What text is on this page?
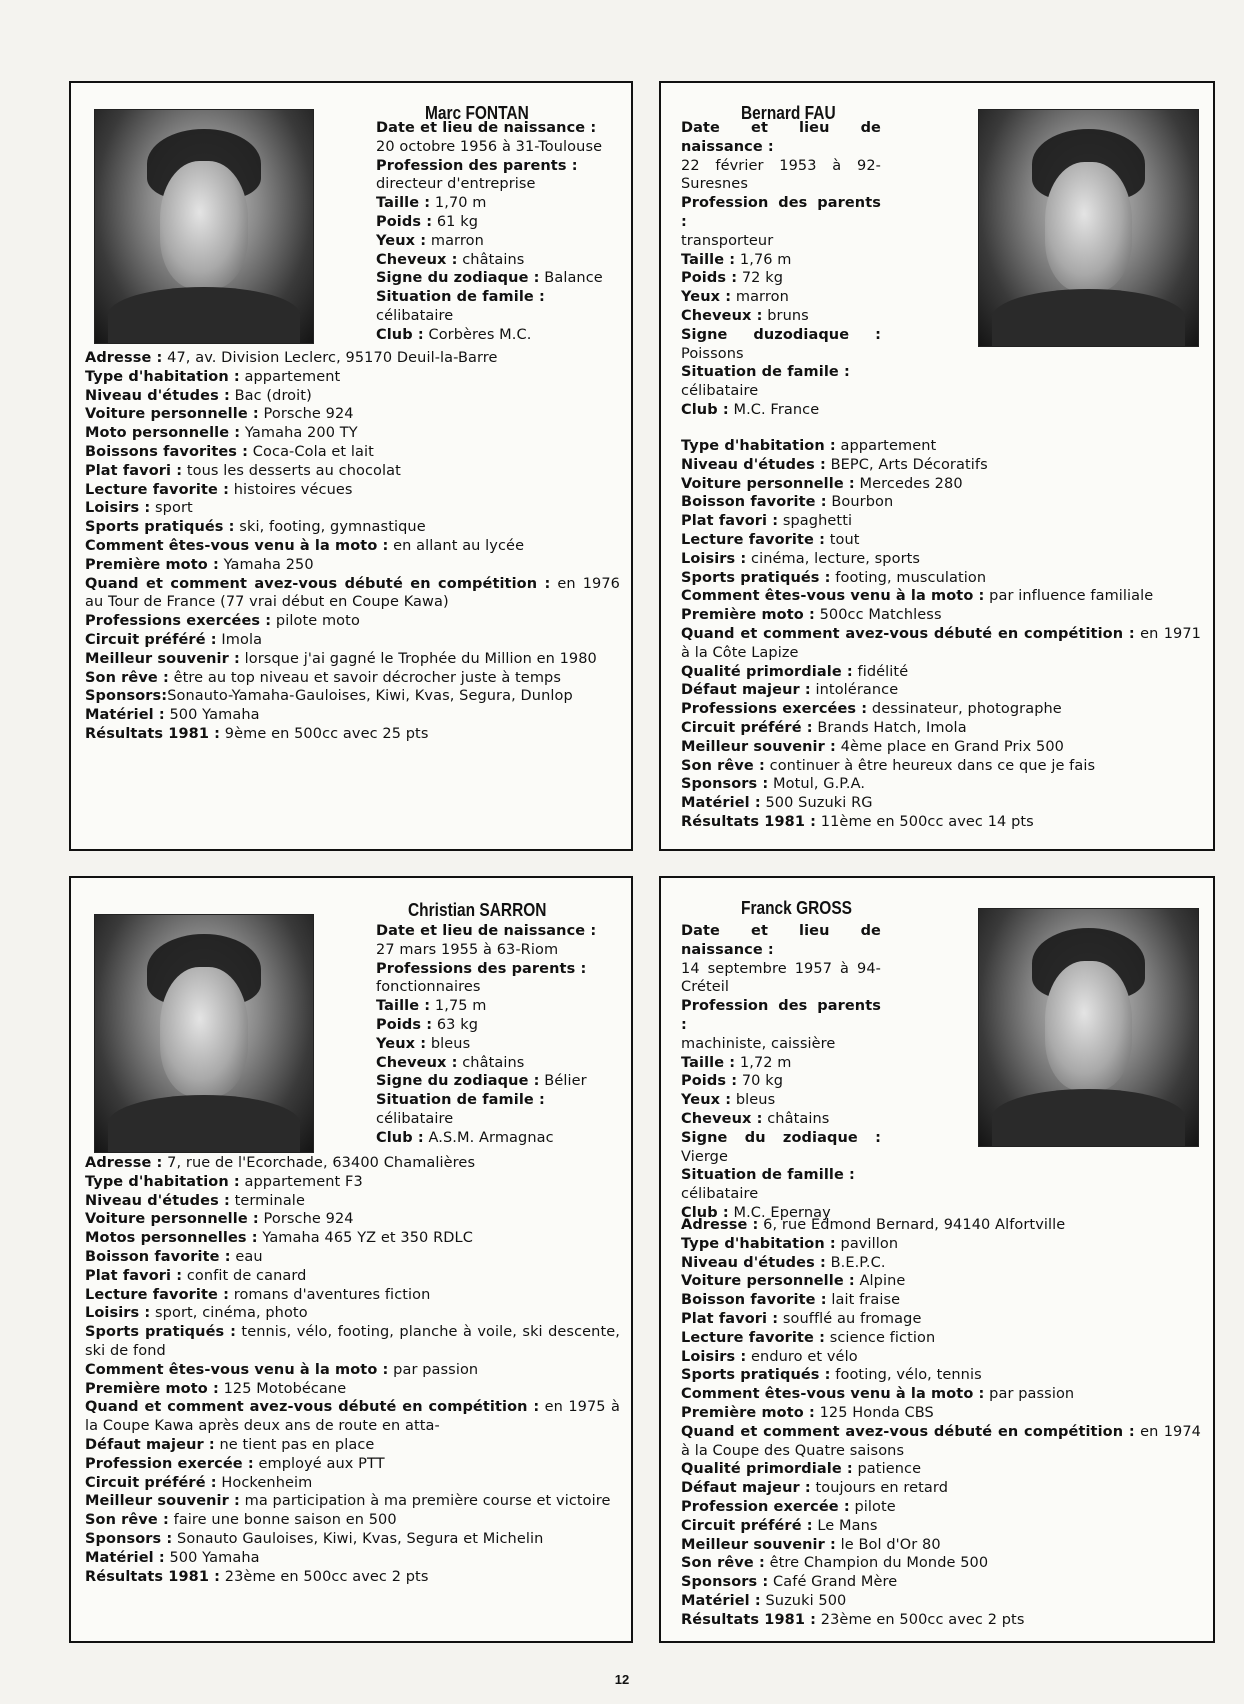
Marc FONTAN
Date et lieu de naissance :
20 octobre 1956 à 31-Toulouse
Profession des parents :
directeur d'entreprise
Taille : 1,70 m
Poids : 61 kg
Yeux : marron
Cheveux : châtains
Signe du zodiaque : Balance
Situation de famile :
célibataire
Club : Corbères M.C.
Adresse : 47, av. Division Leclerc, 95170 Deuil-la-Barre
Type d'habitation : appartement
Niveau d'études : Bac (droit)
Voiture personnelle : Porsche 924
Moto personnelle : Yamaha 200 TY
Boissons favorites : Coca-Cola et lait
Plat favori : tous les desserts au chocolat
Lecture favorite : histoires vécues
Loisirs : sport
Sports pratiqués : ski, footing, gymnastique
Comment êtes-vous venu à la moto : en allant au lycée
Première moto : Yamaha 250
Quand et comment avez-vous débuté en compétition : en 1976 au Tour de France (77 vrai début en Coupe Kawa)
Professions exercées : pilote moto
Circuit préféré : Imola
Meilleur souvenir : lorsque j'ai gagné le Trophée du Million en 1980
Son rêve : être au top niveau et savoir décrocher juste à temps
Sponsors:Sonauto-Yamaha-Gauloises, Kiwi, Kvas, Segura, Dunlop
Matériel : 500 Yamaha
Résultats 1981 : 9ème en 500cc avec 25 pts
Bernard FAU
Date et lieu de naissance :
22 février 1953 à 92-Suresnes
Profession des parents :
transporteur
Taille : 1,76 m
Poids : 72 kg
Yeux : marron
Cheveux : bruns
Signe duzodiaque : Poissons
Situation de famile :
célibataire
Club : M.C. France
Type d'habitation : appartement
Niveau d'études : BEPC, Arts Décoratifs
Voiture personnelle : Mercedes 280
Boisson favorite : Bourbon
Plat favori : spaghetti
Lecture favorite : tout
Loisirs : cinéma, lecture, sports
Sports pratiqués : footing, musculation
Comment êtes-vous venu à la moto : par influence familiale
Première moto : 500cc Matchless
Quand et comment avez-vous débuté en compétition : en 1971 à la Côte Lapize
Qualité primordiale : fidélité
Défaut majeur : intolérance
Professions exercées : dessinateur, photographe
Circuit préféré : Brands Hatch, Imola
Meilleur souvenir : 4ème place en Grand Prix 500
Son rêve : continuer à être heureux dans ce que je fais
Sponsors : Motul, G.P.A.
Matériel : 500 Suzuki RG
Résultats 1981 : 11ème en 500cc avec 14 pts
Christian SARRON
Date et lieu de naissance :
27 mars 1955 à 63-Riom
Professions des parents :
fonctionnaires
Taille : 1,75 m
Poids : 63 kg
Yeux : bleus
Cheveux : châtains
Signe du zodiaque : Bélier
Situation de famile :
célibataire
Club : A.S.M. Armagnac
Adresse : 7, rue de l'Ecorchade, 63400 Chamalières
Type d'habitation : appartement F3
Niveau d'études : terminale
Voiture personnelle : Porsche 924
Motos personnelles : Yamaha 465 YZ et 350 RDLC
Boisson favorite : eau
Plat favori : confit de canard
Lecture favorite : romans d'aventures fiction
Loisirs : sport, cinéma, photo
Sports pratiqués : tennis, vélo, footing, planche à voile, ski descente, ski de fond
Comment êtes-vous venu à la moto : par passion
Première moto : 125 Motobécane
Quand et comment avez-vous débuté en compétition : en 1975 à la Coupe Kawa après deux ans de route en atta-
Défaut majeur : ne tient pas en place
Profession exercée : employé aux PTT
Circuit préféré : Hockenheim
Meilleur souvenir : ma participation à ma première course et victoire
Son rêve : faire une bonne saison en 500
Sponsors : Sonauto Gauloises, Kiwi, Kvas, Segura et Michelin
Matériel : 500 Yamaha
Résultats 1981 : 23ème en 500cc avec 2 pts
Franck GROSS
Date et lieu de naissance :
14 septembre 1957 à 94-Créteil
Profession des parents :
machiniste, caissière
Taille : 1,72 m
Poids : 70 kg
Yeux : bleus
Cheveux : châtains
Signe du zodiaque : Vierge
Situation de famille :
célibataire
Club : M.C. Epernay
Adresse : 6, rue Edmond Bernard, 94140 Alfortville
Type d'habitation : pavillon
Niveau d'études : B.E.P.C.
Voiture personnelle : Alpine
Boisson favorite : lait fraise
Plat favori : soufflé au fromage
Lecture favorite : science fiction
Loisirs : enduro et vélo
Sports pratiqués : footing, vélo, tennis
Comment êtes-vous venu à la moto : par passion
Première moto : 125 Honda CBS
Quand et comment avez-vous débuté en compétition : en 1974 à la Coupe des Quatre saisons
Qualité primordiale : patience
Défaut majeur : toujours en retard
Profession exercée : pilote
Circuit préféré : Le Mans
Meilleur souvenir : le Bol d'Or 80
Son rêve : être Champion du Monde 500
Sponsors : Café Grand Mère
Matériel : Suzuki 500
Résultats 1981 : 23ème en 500cc avec 2 pts
12
